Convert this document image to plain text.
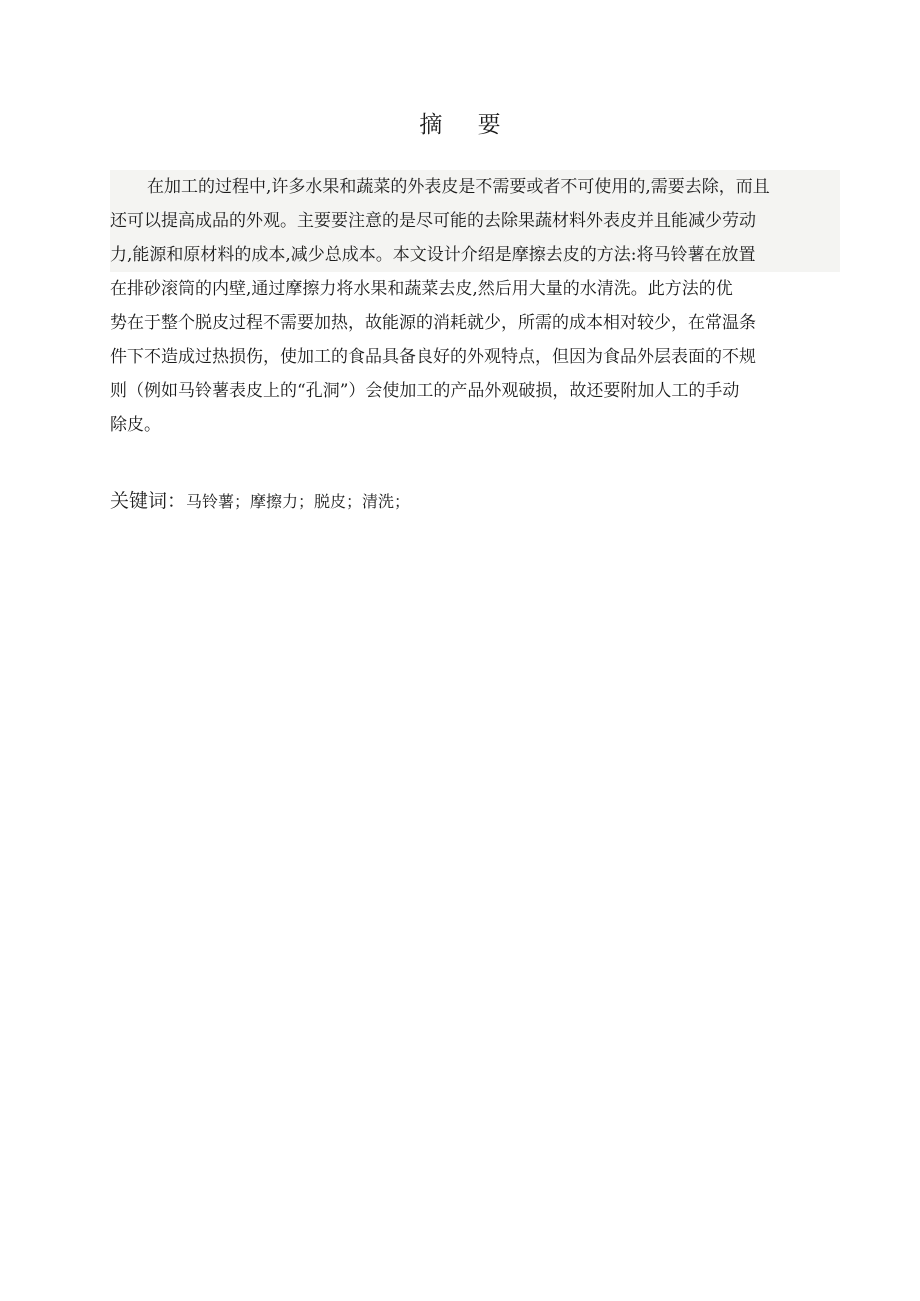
摘 要
在加工的过程中,许多水果和蔬菜的外表皮是不需要或者不可使用的,需要去除，而且
还可以提高成品的外观。主要要注意的是尽可能的去除果蔬材料外表皮并且能减少劳动
力,能源和原材料的成本,减少总成本。本文设计介绍是摩擦去皮的方法:将马铃薯在放置
在排砂滚筒的内壁,通过摩擦力将水果和蔬菜去皮,然后用大量的水清洗。此方法的优
势在于整个脱皮过程不需要加热，故能源的消耗就少，所需的成本相对较少，在常温条
件下不造成过热损伤，使加工的食品具备良好的外观特点，但因为食品外层表面的不规
则（例如马铃薯表皮上的“孔洞”）会使加工的产品外观破损，故还要附加人工的手动
除皮。
关键词：马铃薯；摩擦力；脱皮；清洗；
